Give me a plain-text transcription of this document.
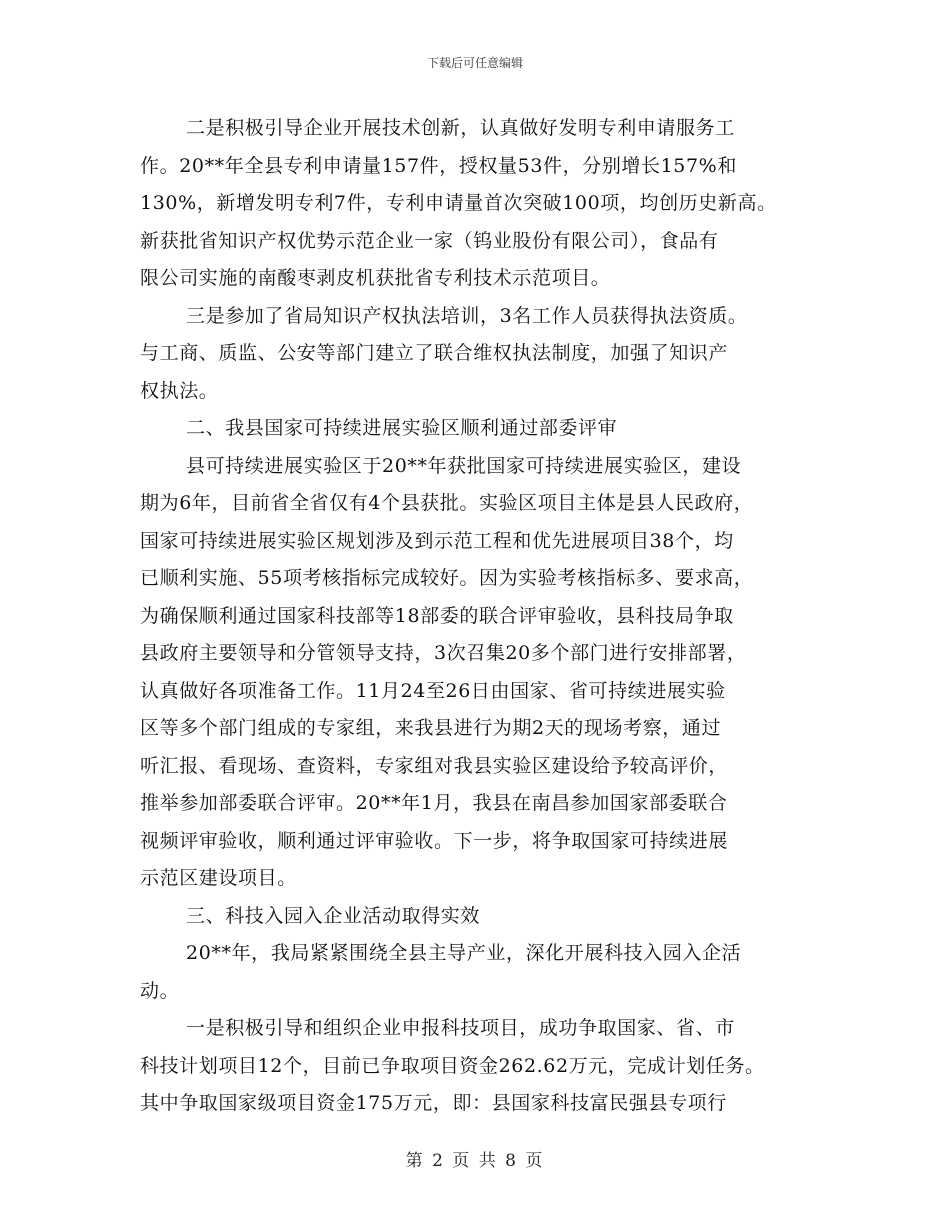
下载后可任意编辑
二是积极引导企业开展技术创新，认真做好发明专利申请服务工
作。20**年全县专利申请量157件，授权量53件，分别增长157%和
130%，新增发明专利7件，专利申请量首次突破100项，均创历史新高。
新获批省知识产权优势示范企业一家（钨业股份有限公司），食品有
限公司实施的南酸枣剥皮机获批省专利技术示范项目。
三是参加了省局知识产权执法培训，3名工作人员获得执法资质。
与工商、质监、公安等部门建立了联合维权执法制度，加强了知识产
权执法。
二、我县国家可持续进展实验区顺利通过部委评审
县可持续进展实验区于20**年获批国家可持续进展实验区，建设
期为6年，目前省全省仅有4个县获批。实验区项目主体是县人民政府，
国家可持续进展实验区规划涉及到示范工程和优先进展项目38个，均
已顺利实施、55项考核指标完成较好。因为实验考核指标多、要求高，
为确保顺利通过国家科技部等18部委的联合评审验收，县科技局争取
县政府主要领导和分管领导支持，3次召集20多个部门进行安排部署，
认真做好各项准备工作。11月24至26日由国家、省可持续进展实验
区等多个部门组成的专家组，来我县进行为期2天的现场考察，通过
听汇报、看现场、查资料，专家组对我县实验区建设给予较高评价，
推举参加部委联合评审。20**年1月，我县在南昌参加国家部委联合
视频评审验收，顺利通过评审验收。下一步，将争取国家可持续进展
示范区建设项目。
三、科技入园入企业活动取得实效
20**年，我局紧紧围绕全县主导产业，深化开展科技入园入企活
动。
一是积极引导和组织企业申报科技项目，成功争取国家、省、市
科技计划项目12个，目前已争取项目资金262.62万元，完成计划任务。
其中争取国家级项目资金175万元，即：县国家科技富民强县专项行
第 2 页 共 8 页
